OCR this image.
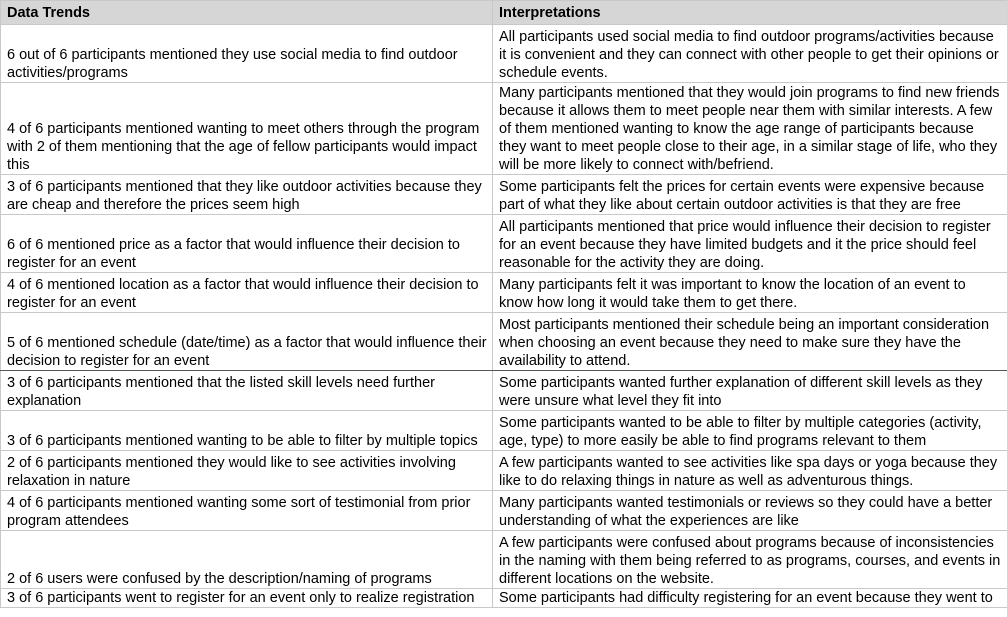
Data Trends	Interpretations
6 out of 6 participants mentioned they use social media to find outdoor activities/programs	All participants used social media to find outdoor programs/activities because it is convenient and they can connect with other people to get their opinions or schedule events.
4 of 6 participants mentioned wanting to meet others through the program with 2 of them mentioning that the age of fellow participants would impact this	Many participants mentioned that they would join programs to find new friends because it allows them to meet people near them with similar interests. A few of them mentioned wanting to know the age range of participants because they want to meet people close to their age, in a similar stage of life, who they will be more likely to connect with/befriend.
3 of 6 participants mentioned that they like outdoor activities because they are cheap and therefore the prices seem high	Some participants felt the prices for certain events were expensive because part of what they like about certain outdoor activities is that they are free
6 of 6 mentioned price as a factor that would influence their decision to register for an event	All participants mentioned that price would influence their decision to register for an event because they have limited budgets and it the price should feel reasonable for the activity they are doing.
4 of 6 mentioned location as a factor that would influence their decision to register for an event	Many participants felt it was important to know the location of an event to know how long it would take them to get there.
5 of 6 mentioned schedule (date/time) as a factor that would influence their decision to register for an event	Most participants mentioned their schedule being an important consideration when choosing an event because they need to make sure they have the availability to attend.
3 of 6 participants mentioned that the listed skill levels need further explanation	Some participants wanted further explanation of different skill levels as they were unsure what level they fit into
3 of 6 participants mentioned wanting to be able to filter by multiple topics	Some participants wanted to be able to filter by multiple categories (activity, age, type) to more easily be able to find programs relevant to them
2 of 6 participants mentioned they would like to see activities involving relaxation in nature	A few participants wanted to see activities like spa days or yoga because they like to do relaxing things in nature as well as adventurous things.
4 of 6 participants mentioned wanting some sort of testimonial from prior program attendees	Many participants wanted testimonials or reviews so they could have a better understanding of what the experiences are like
2 of 6 users were confused by the description/naming of programs	A few participants were confused about programs because of inconsistencies in the naming with them being referred to as programs, courses, and events in different locations on the website.
3 of 6 participants went to register for an event only to realize registration	Some participants had difficulty registering for an event because they went to
